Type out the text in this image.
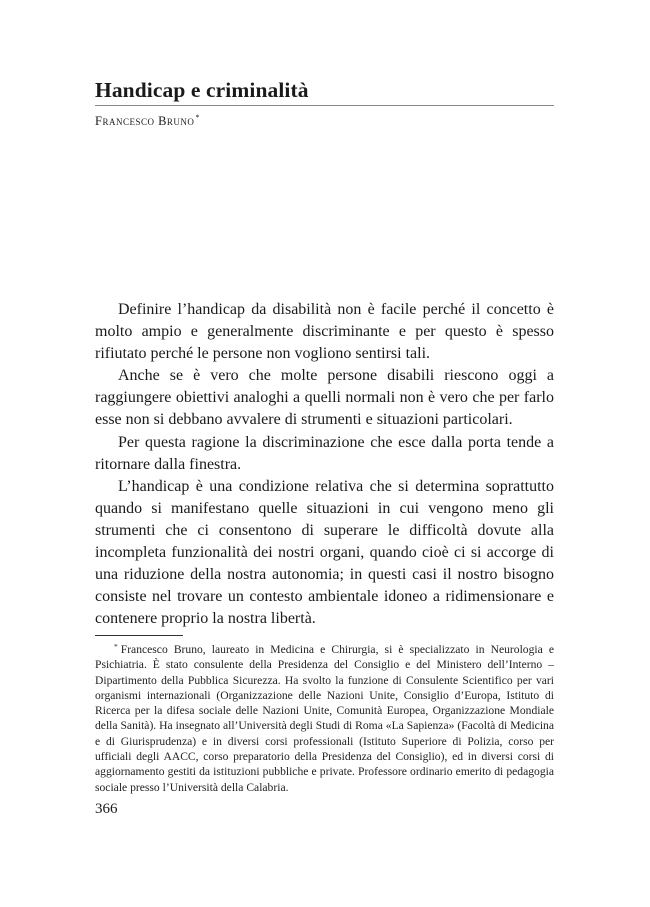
Handicap e criminalità
Francesco Bruno*

Definire l’handicap da disabilità non è facile perché il concetto è molto ampio e generalmente discriminante e per questo è spesso rifiutato perché le persone non vogliono sentirsi tali.

Anche se è vero che molte persone disabili riescono oggi a raggiungere obiettivi analoghi a quelli normali non è vero che per farlo esse non si debbano avvalere di strumenti e situazioni particolari.

Per questa ragione la discriminazione che esce dalla porta tende a ritornare dalla finestra.

L’handicap è una condizione relativa che si determina soprattutto quando si manifestano quelle situazioni in cui vengono meno gli strumenti che ci consentono di superare le difficoltà dovute alla incompleta funzionalità dei nostri organi, quando cioè ci si accorge di una riduzione della nostra autonomia; in questi casi il nostro bisogno consiste nel trovare un contesto ambientale idoneo a ridimensionare e contenere proprio la nostra libertà.

* Francesco Bruno, laureato in Medicina e Chirurgia, si è specializzato in Neurologia e Psichiatria. È stato consulente della Presidenza del Consiglio e del Ministero dell’Interno – Dipartimento della Pubblica Sicurezza. Ha svolto la funzione di Consulente Scientifico per vari organismi internazionali (Organizzazione delle Nazioni Unite, Consiglio d’Europa, Istituto di Ricerca per la difesa sociale delle Nazioni Unite, Comunità Europea, Organizzazione Mondiale della Sanità). Ha insegnato all’Università degli Studi di Roma «La Sapienza» (Facoltà di Medicina e di Giurisprudenza) e in diversi corsi professionali (Istituto Superiore di Polizia, corso per ufficiali degli AACC, corso preparatorio della Presidenza del Consiglio), ed in diversi corsi di aggiornamento gestiti da istituzioni pubbliche e private. Professore ordinario emerito di pedagogia sociale presso l’Università della Calabria.

366
